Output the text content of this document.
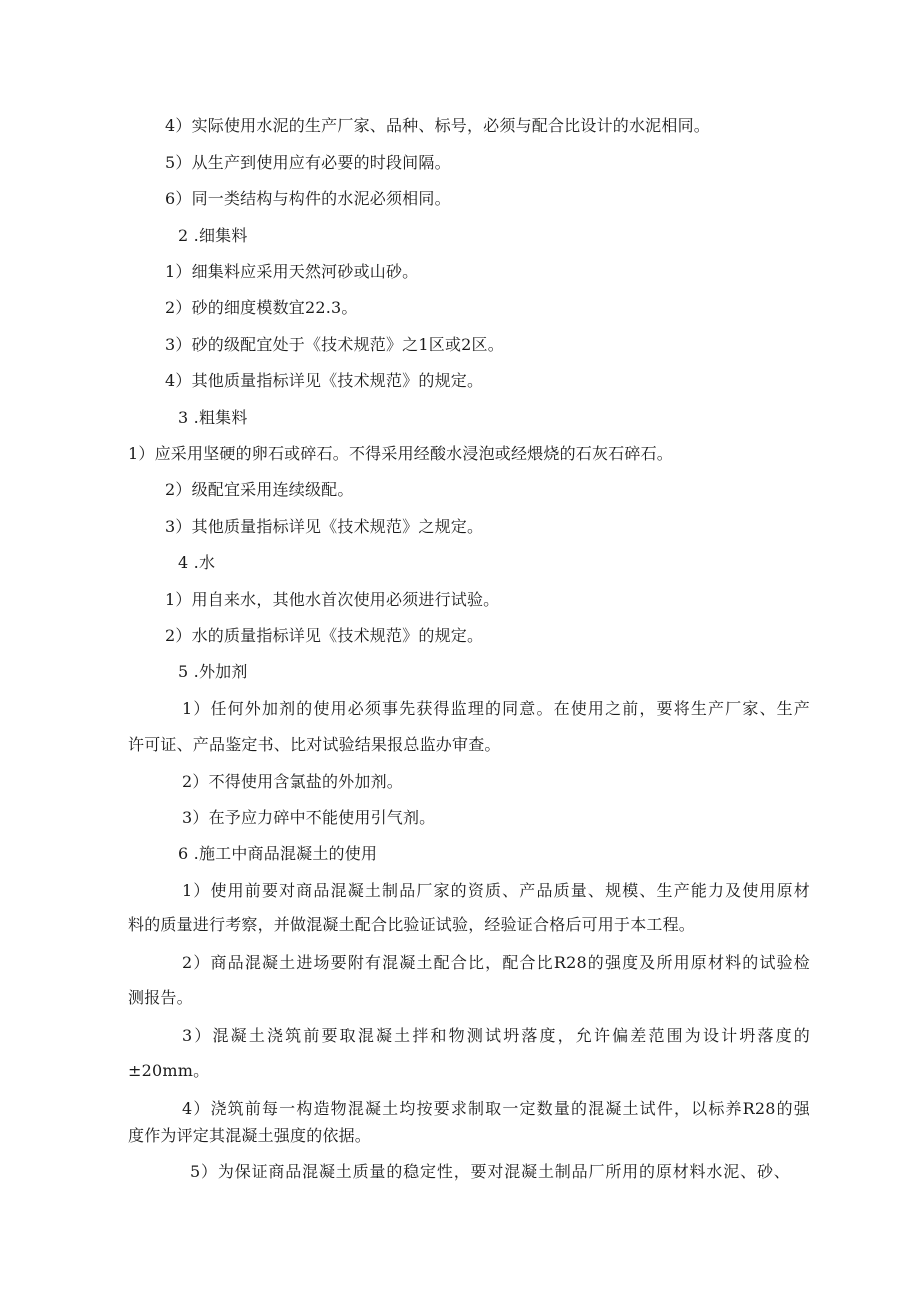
4）实际使用水泥的生产厂家、品种、标号，必须与配合比设计的水泥相同。
5）从生产到使用应有必要的时段间隔。
6）同一类结构与构件的水泥必须相同。
2 .细集料
1）细集料应采用天然河砂或山砂。
2）砂的细度模数宜22.3。
3）砂的级配宜处于《技术规范》之1区或2区。
4）其他质量指标详见《技术规范》的规定。
3 .粗集料
1）应采用坚硬的卵石或碎石。不得采用经酸水浸泡或经煨烧的石灰石碎石。
2）级配宜采用连续级配。
3）其他质量指标详见《技术规范》之规定。
4 .水
1）用自来水，其他水首次使用必须进行试验。
2）水的质量指标详见《技术规范》的规定。
5 .外加剂
1）任何外加剂的使用必须事先获得监理的同意。在使用之前，要将生产厂家、生产
许可证、产品鉴定书、比对试验结果报总监办审查。
2）不得使用含氯盐的外加剂。
3）在予应力碎中不能使用引气剂。
6 .施工中商品混凝土的使用
1）使用前要对商品混凝土制品厂家的资质、产品质量、规模、生产能力及使用原材
料的质量进行考察，并做混凝土配合比验证试验，经验证合格后可用于本工程。
2）商品混凝土进场要附有混凝土配合比，配合比R28的强度及所用原材料的试验检
测报告。
3）混凝土浇筑前要取混凝土拌和物测试坍落度，允许偏差范围为设计坍落度的
±20mm。
4）浇筑前每一构造物混凝土均按要求制取一定数量的混凝土试件，以标养R28的强
度作为评定其混凝土强度的依据。
5）为保证商品混凝土质量的稳定性，要对混凝土制品厂所用的原材料水泥、砂、
